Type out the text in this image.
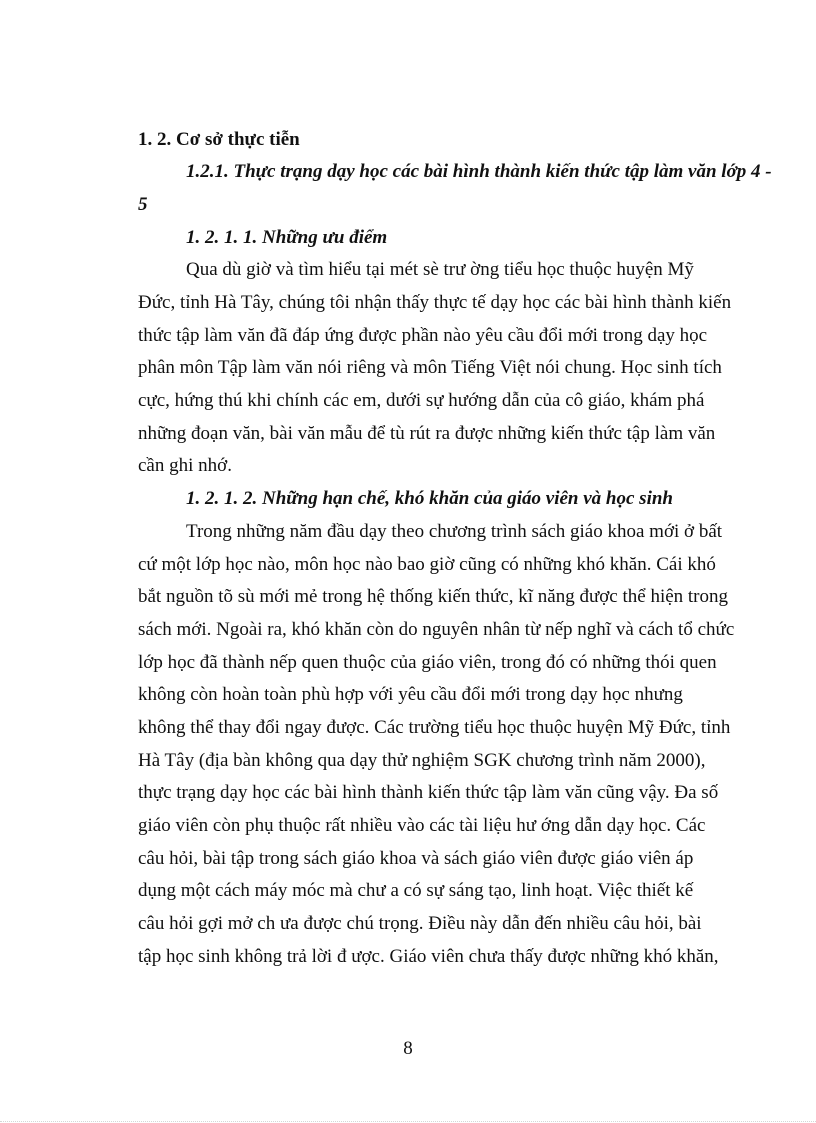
1. 2. Cơ sở thực tiễn
1.2.1. Thực trạng dạy học các bài hình thành kiến thức tập làm văn lớp 4 -
5
1. 2. 1. 1. Những ưu điểm
Qua dù giờ và tìm hiểu tại mét sè trư ờng tiểu học thuộc huyện Mỹ
Đức, tỉnh Hà Tây, chúng tôi nhận thấy thực tế dạy học các bài hình thành kiến
thức tập làm văn đã đáp ứng được phần nào yêu cầu đổi mới trong dạy học
phân môn Tập làm văn nói riêng và môn Tiếng Việt nói chung. Học sinh tích
cực, hứng thú khi chính các em, dưới sự hướng dẫn của cô giáo, khám phá
những đoạn văn, bài văn mẫu để tù rút ra được những kiến thức tập làm văn
cần ghi nhớ.
1. 2. 1. 2. Những hạn chế, khó khăn của giáo viên và học sinh
Trong những năm đầu dạy theo chương trình sách giáo khoa mới ở bất
cứ một lớp học nào, môn học nào bao giờ cũng có những khó khăn. Cái khó
bắt nguồn tõ sù mới mẻ trong hệ thống kiến thức, kĩ năng được thể hiện trong
sách mới. Ngoài ra, khó khăn còn do nguyên nhân từ nếp nghĩ và cách tổ chức
lớp học đã thành nếp quen thuộc của giáo viên, trong đó có những thói quen
không còn hoàn toàn phù hợp với yêu cầu đổi mới trong dạy học nhưng
không thể thay đổi ngay được. Các trường tiểu học thuộc huyện Mỹ Đức, tỉnh
Hà Tây (địa bàn không qua dạy thử nghiệm SGK chương trình năm 2000),
thực trạng dạy học các bài hình thành kiến thức tập làm văn cũng vậy. Đa số
giáo viên còn phụ thuộc rất nhiều vào các tài liệu hư ớng dẫn dạy học. Các
câu hỏi, bài tập trong sách giáo khoa và sách giáo viên được giáo viên áp
dụng một cách máy móc mà chư a có sự sáng tạo, linh hoạt. Việc thiết kế
câu hỏi gợi mở ch ưa được chú trọng. Điều này dẫn đến nhiều câu hỏi, bài
tập học sinh không trả lời đ ược. Giáo viên chưa thấy được những khó khăn,
8
